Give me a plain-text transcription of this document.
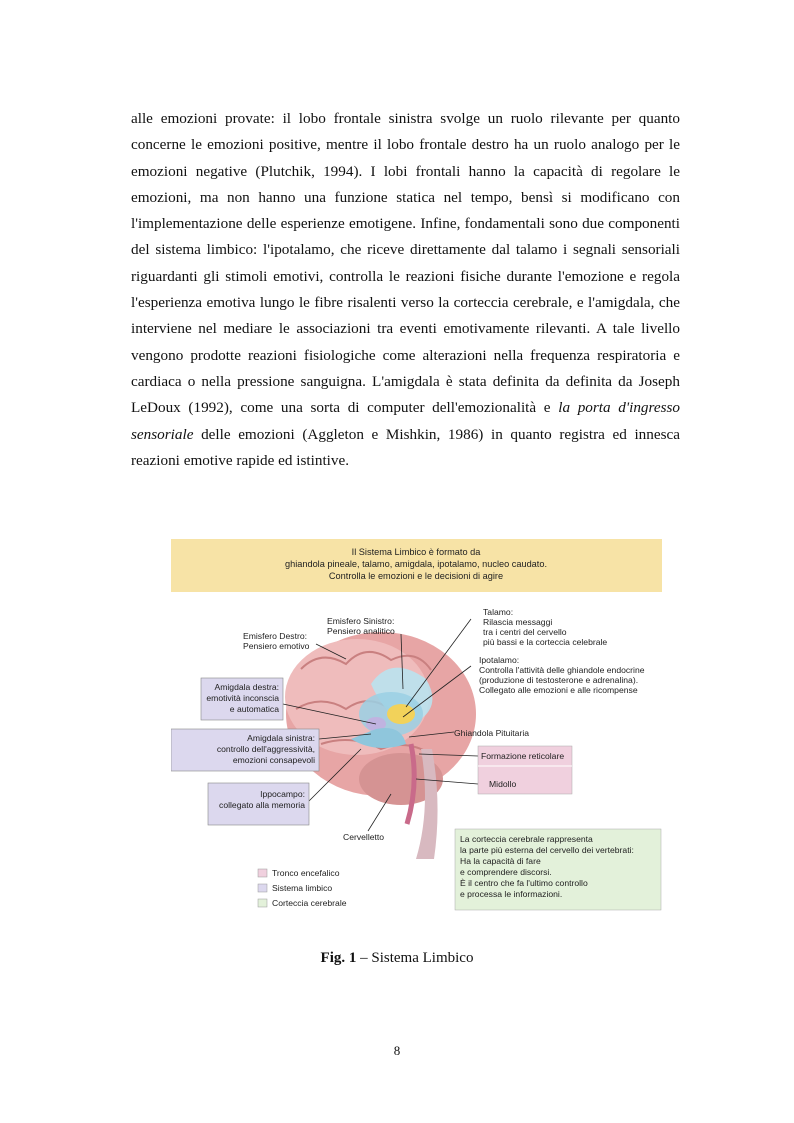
alle emozioni provate: il lobo frontale sinistra svolge un ruolo rilevante per quanto concerne le emozioni positive, mentre il lobo frontale destro ha un ruolo analogo per le emozioni negative (Plutchik, 1994). I lobi frontali hanno la capacità di regolare le emozioni, ma non hanno una funzione statica nel tempo, bensì si modificano con l'implementazione delle esperienze emotigene. Infine, fondamentali sono due componenti del sistema limbico: l'ipotalamo, che riceve direttamente dal talamo i segnali sensoriali riguardanti gli stimoli emotivi, controlla le reazioni fisiche durante l'emozione e regola l'esperienza emotiva lungo le fibre risalenti verso la corteccia cerebrale, e l'amigdala, che interviene nel mediare le associazioni tra eventi emotivamente rilevanti. A tale livello vengono prodotte reazioni fisiologiche come alterazioni nella frequenza respiratoria e cardiaca o nella pressione sanguigna. L'amigdala è stata definita da definita da Joseph LeDoux (1992), come una sorta di computer dell'emozionalità e la porta d'ingresso sensoriale delle emozioni (Aggleton e Mishkin, 1986) in quanto registra ed innesca reazioni emotive rapide ed istintive.
Il Sistema Limbico è formato da
ghiandola pineale, talamo, amigdala, ipotalamo, nucleo caudato.
Controlla le emozioni e le decisioni di agire
Emisfero Sinistro:
Pensiero analitico
Emisfero Destro:
Pensiero emotivo
Talamo:
Rilascia messaggi
tra i centri del cervello
più bassi e la corteccia celebrale
Ipotalamo:
Controlla l'attività delle ghiandole endocrine
(produzione di testosterone e adrenalina).
Collegato alle emozioni e alle ricompense
Amigdala destra:
emotività inconscia
e automatica
Amigdala sinistra:
controllo dell'aggressività,
emozioni consapevoli
Ghiandola Pituitaria
Formazione reticolare
Midollo
Ippocampo:
collegato alla memoria
Cervelletto	La corteccia cerebrale rappresenta
la parte più esterna del cervello dei vertebrati:
Ha la capacità di fare
e comprendere discorsi.
È il centro che fa l'ultimo controllo
e processa le informazioni.
Tronco encefalico
Sistema limbico
Corteccia cerebrale
Fig. 1 – Sistema Limbico
8
